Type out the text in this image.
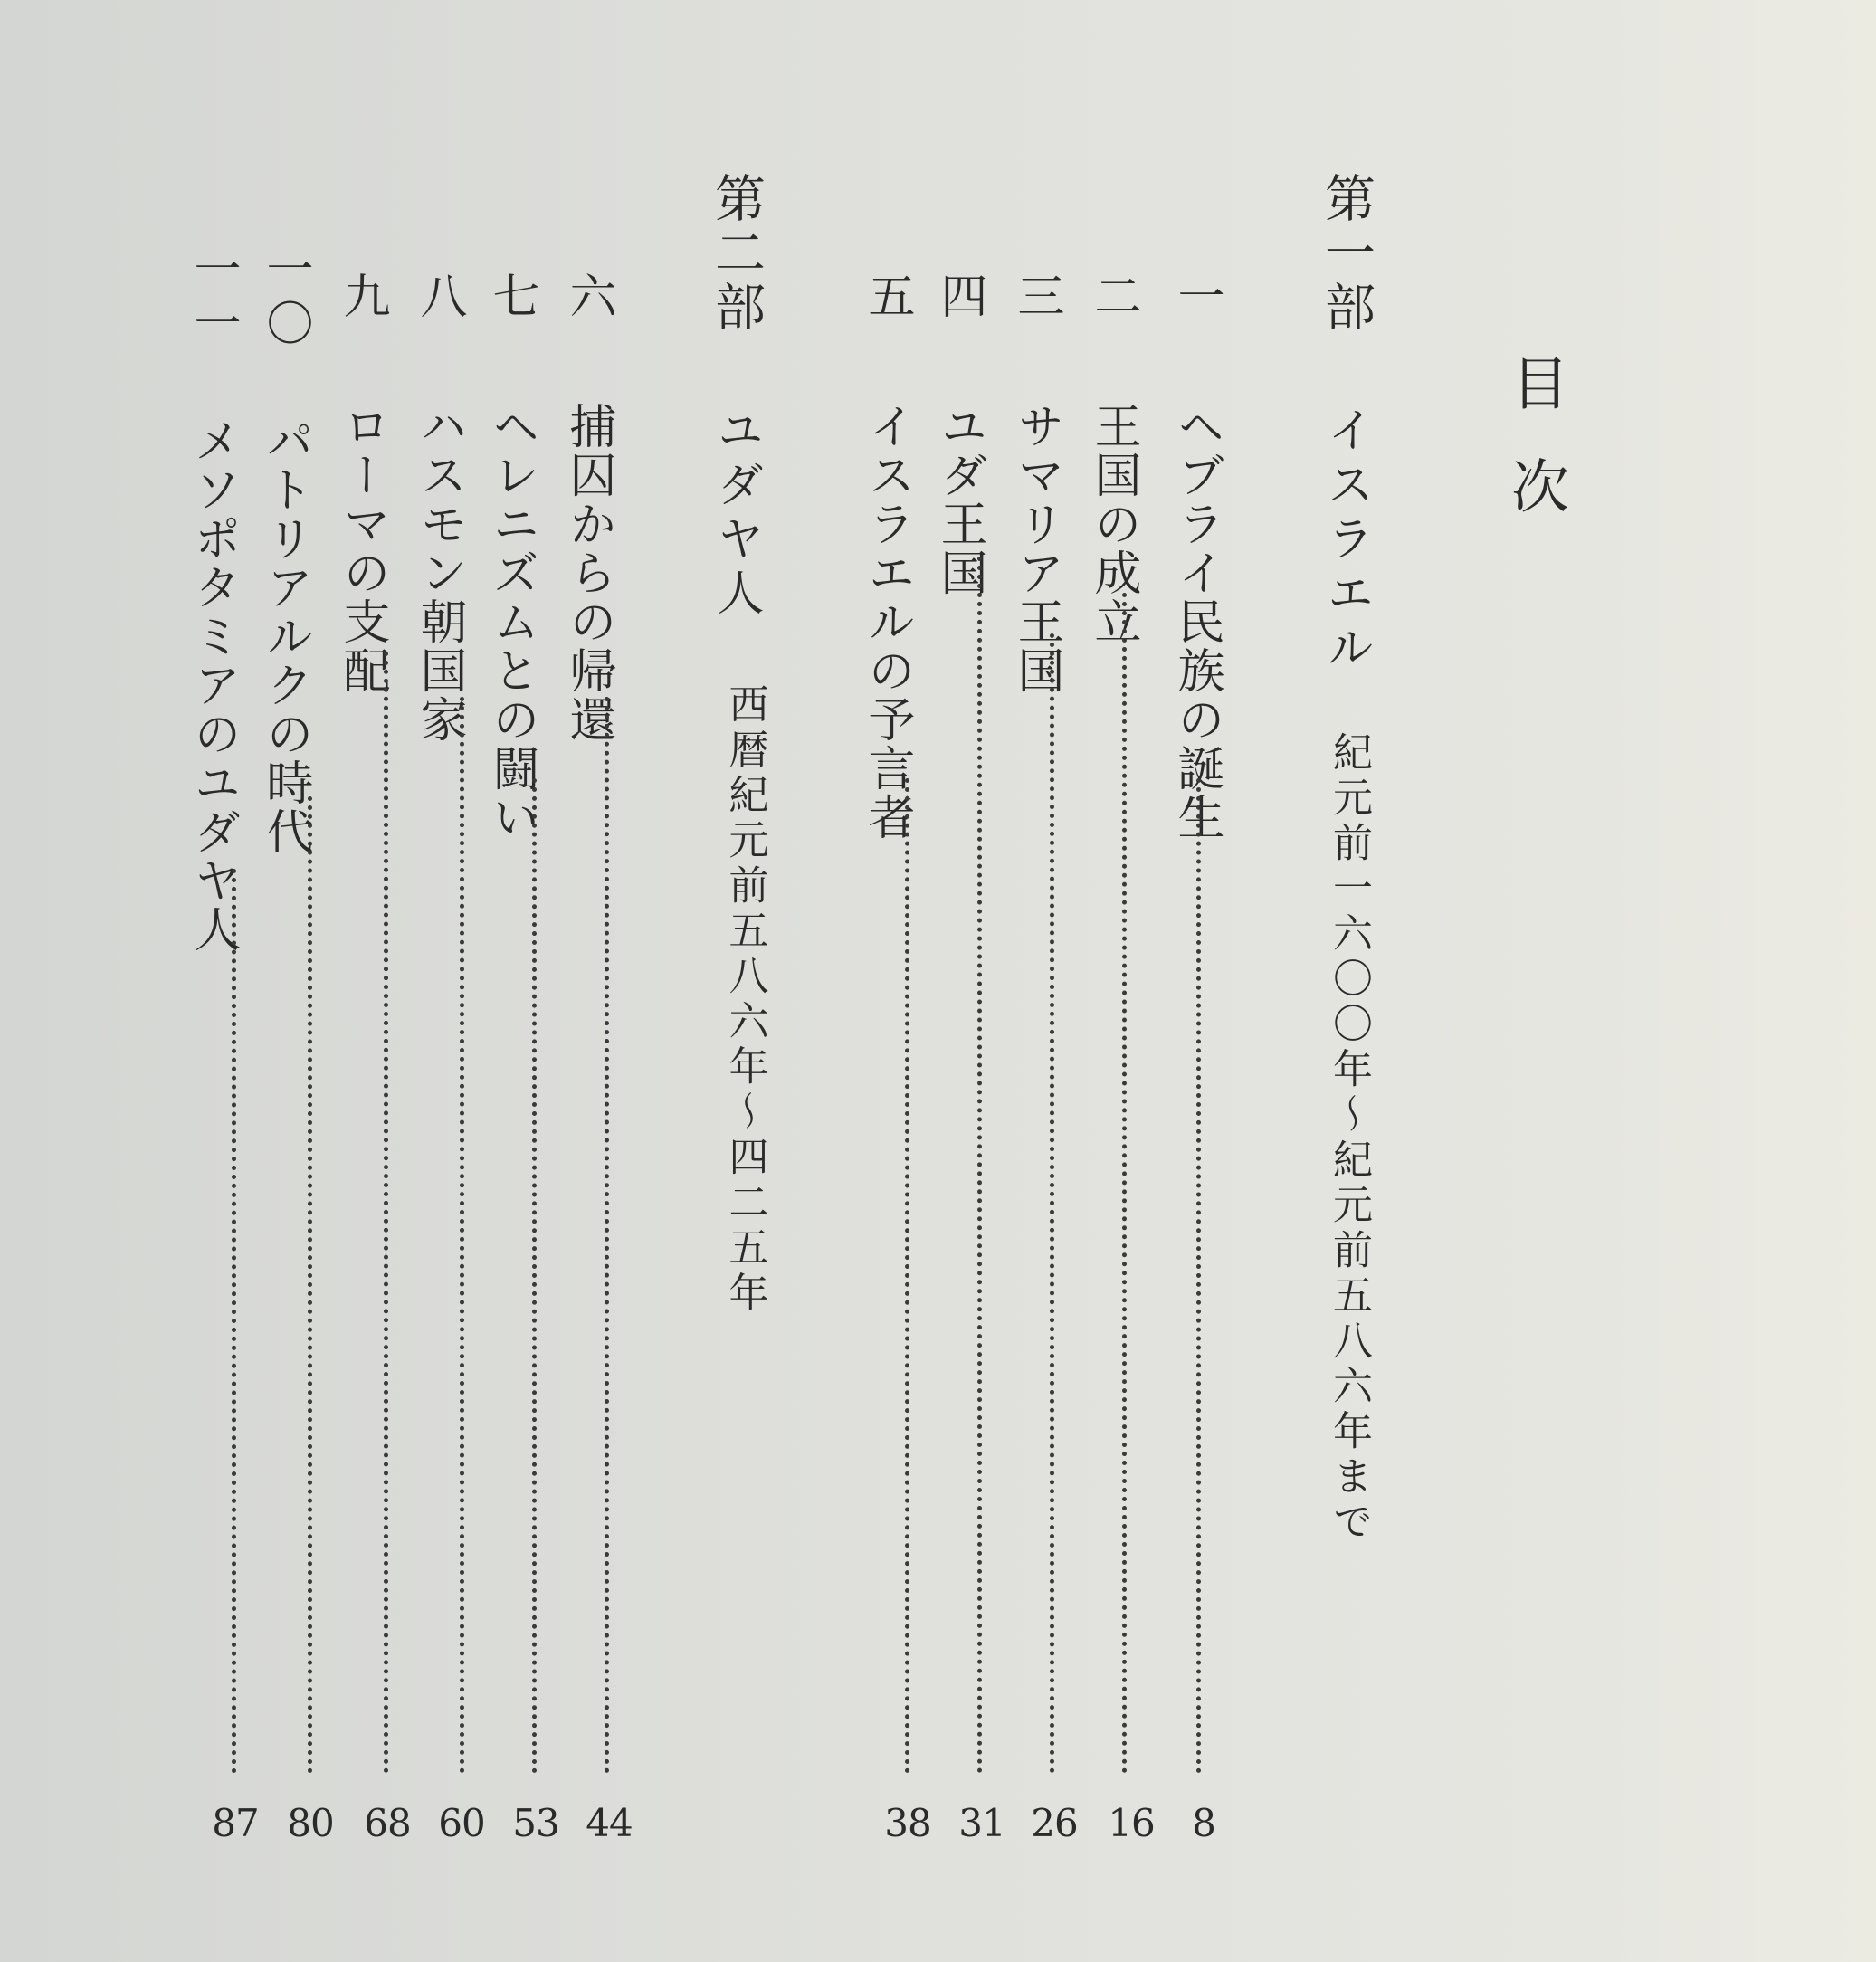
目次
第一部
イスラエル
紀元前一六〇〇年〜紀元前五八六年まで
一
ヘブライ民族の誕生
8
二
王国の成立
16
三
サマリア王国
26
四
ユダ王国
31
五
イスラエルの予言者
38
第二部
ユダヤ人
西暦紀元前五八六年〜四二五年
六
捕囚からの帰還
44
七
ヘレニズムとの闘い
53
八
ハスモン朝国家
60
九
ローマの支配
68
一〇
パトリアルクの時代
80
一一
メソポタミアのユダヤ人
87
